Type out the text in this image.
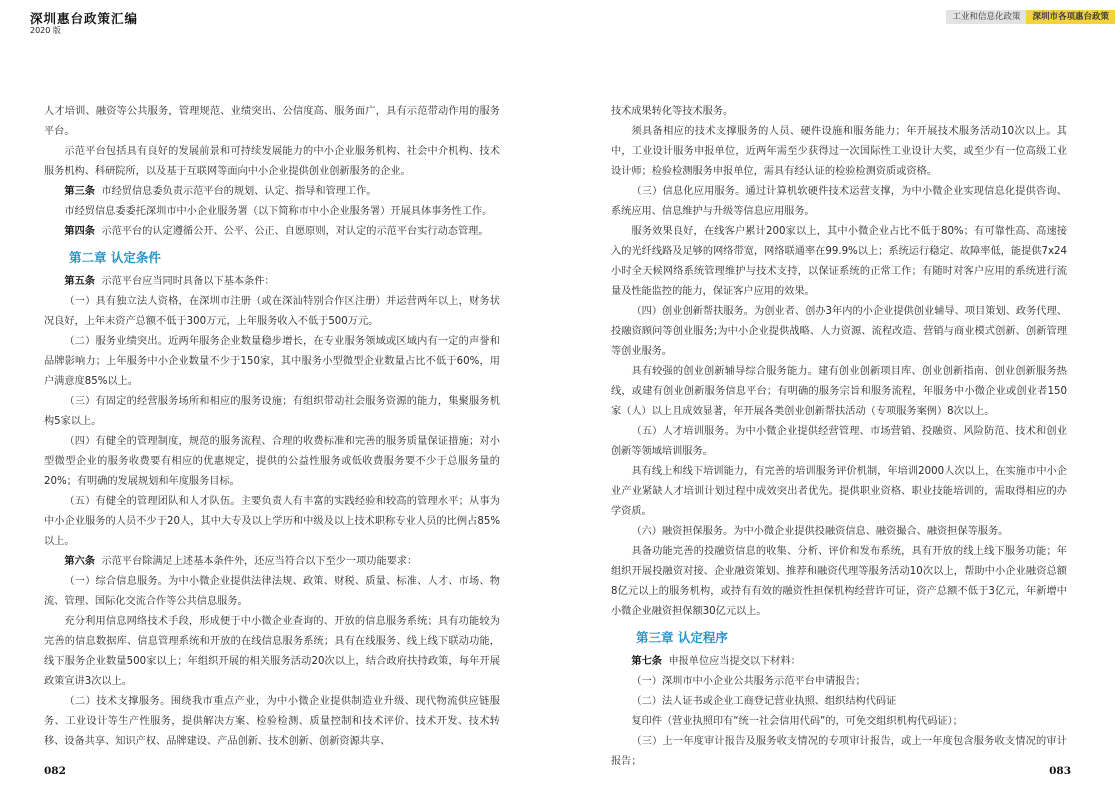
深圳惠台政策汇编
2020 版
工业和信息化政策	深圳市各项惠台政策

人才培训、融资等公共服务，管理规范、业绩突出、公信度高、服务面广，具有示范带动作用的服务平台。

示范平台包括具有良好的发展前景和可持续发展能力的中小企业服务机构、社会中介机构、技术服务机构、科研院所，以及基于互联网等面向中小企业提供创业创新服务的企业。

第三条 市经贸信息委负责示范平台的规划、认定、指导和管理工作。

市经贸信息委委托深圳市中小企业服务署（以下简称市中小企业服务署）开展具体事务性工作。

第四条 示范平台的认定遵循公开、公平、公正、自愿原则，对认定的示范平台实行动态管理。

第二章 认定条件

第五条 示范平台应当同时具备以下基本条件：

（一）具有独立法人资格，在深圳市注册（或在深汕特别合作区注册）并运营两年以上，财务状况良好，上年末资产总额不低于300万元，上年服务收入不低于500万元。

（二）服务业绩突出。近两年服务企业数量稳步增长，在专业服务领域或区域内有一定的声誉和品牌影响力；上年服务中小企业数量不少于150家，其中服务小型微型企业数量占比不低于60%，用户满意度85%以上。

（三）有固定的经营服务场所和相应的服务设施；有组织带动社会服务资源的能力，集聚服务机构5家以上。

（四）有健全的管理制度，规范的服务流程、合理的收费标准和完善的服务质量保证措施；对小型微型企业的服务收费要有相应的优惠规定，提供的公益性服务或低收费服务要不少于总服务量的20%；有明确的发展规划和年度服务目标。

（五）有健全的管理团队和人才队伍。主要负责人有丰富的实践经验和较高的管理水平；从事为中小企业服务的人员不少于20人，其中大专及以上学历和中级及以上技术职称专业人员的比例占85%以上。

第六条 示范平台除满足上述基本条件外，还应当符合以下至少一项功能要求：

（一）综合信息服务。为中小微企业提供法律法规、政策、财税、质量、标准、人才、市场、物流、管理、国际化交流合作等公共信息服务。

充分利用信息网络技术手段，形成便于中小微企业查询的、开放的信息服务系统；具有功能较为完善的信息数据库、信息管理系统和开放的在线信息服务系统；具有在线服务、线上线下联动功能，线下服务企业数量500家以上；年组织开展的相关服务活动20次以上，结合政府扶持政策，每年开展政策宣讲3次以上。

（二）技术支撑服务。围绕我市重点产业，为中小微企业提供制造业升级、现代物流供应链服务、工业设计等生产性服务，提供解决方案、检验检测、质量控制和技术评价、技术开发、技术转移、设备共享、知识产权、品牌建设、产品创新、技术创新、创新资源共享、

技术成果转化等技术服务。

须具备相应的技术支撑服务的人员、硬件设施和服务能力；年开展技术服务活动10次以上。其中，工业设计服务申报单位，近两年需至少获得过一次国际性工业设计大奖，或至少有一位高级工业设计师；检验检测服务申报单位，需具有经认证的检验检测资质或资格。

（三）信息化应用服务。通过计算机软硬件技术运营支撑，为中小微企业实现信息化提供咨询、系统应用、信息维护与升级等信息应用服务。

服务效果良好，在线客户累计200家以上，其中小微企业占比不低于80%；有可靠性高、高速接入的光纤线路及足够的网络带宽，网络联通率在99.9%以上；系统运行稳定、故障率低，能提供7x24小时全天候网络系统管理维护与技术支持，以保证系统的正常工作；有随时对客户应用的系统进行流量及性能监控的能力，保证客户应用的效果。

（四）创业创新帮扶服务。为创业者、创办3年内的小企业提供创业辅导、项目策划、政务代理、投融资顾问等创业服务;为中小企业提供战略、人力资源、流程改造、营销与商业模式创新、创新管理等创业服务。

具有较强的创业创新辅导综合服务能力。建有创业创新项目库、创业创新指南、创业创新服务热线，或建有创业创新服务信息平台；有明确的服务宗旨和服务流程，年服务中小微企业或创业者150家（人）以上且成效显著，年开展各类创业创新帮扶活动（专项服务案例）8次以上。

（五）人才培训服务。为中小微企业提供经营管理、市场营销、投融资、风险防范、技术和创业创新等领域培训服务。

具有线上和线下培训能力，有完善的培训服务评价机制，年培训2000人次以上，在实施市中小企业产业紧缺人才培训计划过程中成效突出者优先。提供职业资格、职业技能培训的，需取得相应的办学资质。

（六）融资担保服务。为中小微企业提供投融资信息、融资撮合、融资担保等服务。

具备功能完善的投融资信息的收集、分析、评价和发布系统，具有开放的线上线下服务功能；年组织开展投融资对接、企业融资策划、推荐和融资代理等服务活动10次以上，帮助中小企业融资总额8亿元以上的服务机构，或持有有效的融资性担保机构经营许可证，资产总额不低于3亿元，年新增中小微企业融资担保额30亿元以上。

第三章 认定程序

第七条 申报单位应当提交以下材料：

（一）深圳市中小企业公共服务示范平台申请报告；

（二）法人证书或企业工商登记营业执照、组织结构代码证

复印件（营业执照印有“统一社会信用代码”的，可免交组织机构代码证）；

（三）上一年度审计报告及服务收支情况的专项审计报告，或上一年度包含服务收支情况的审计报告；

082	083
